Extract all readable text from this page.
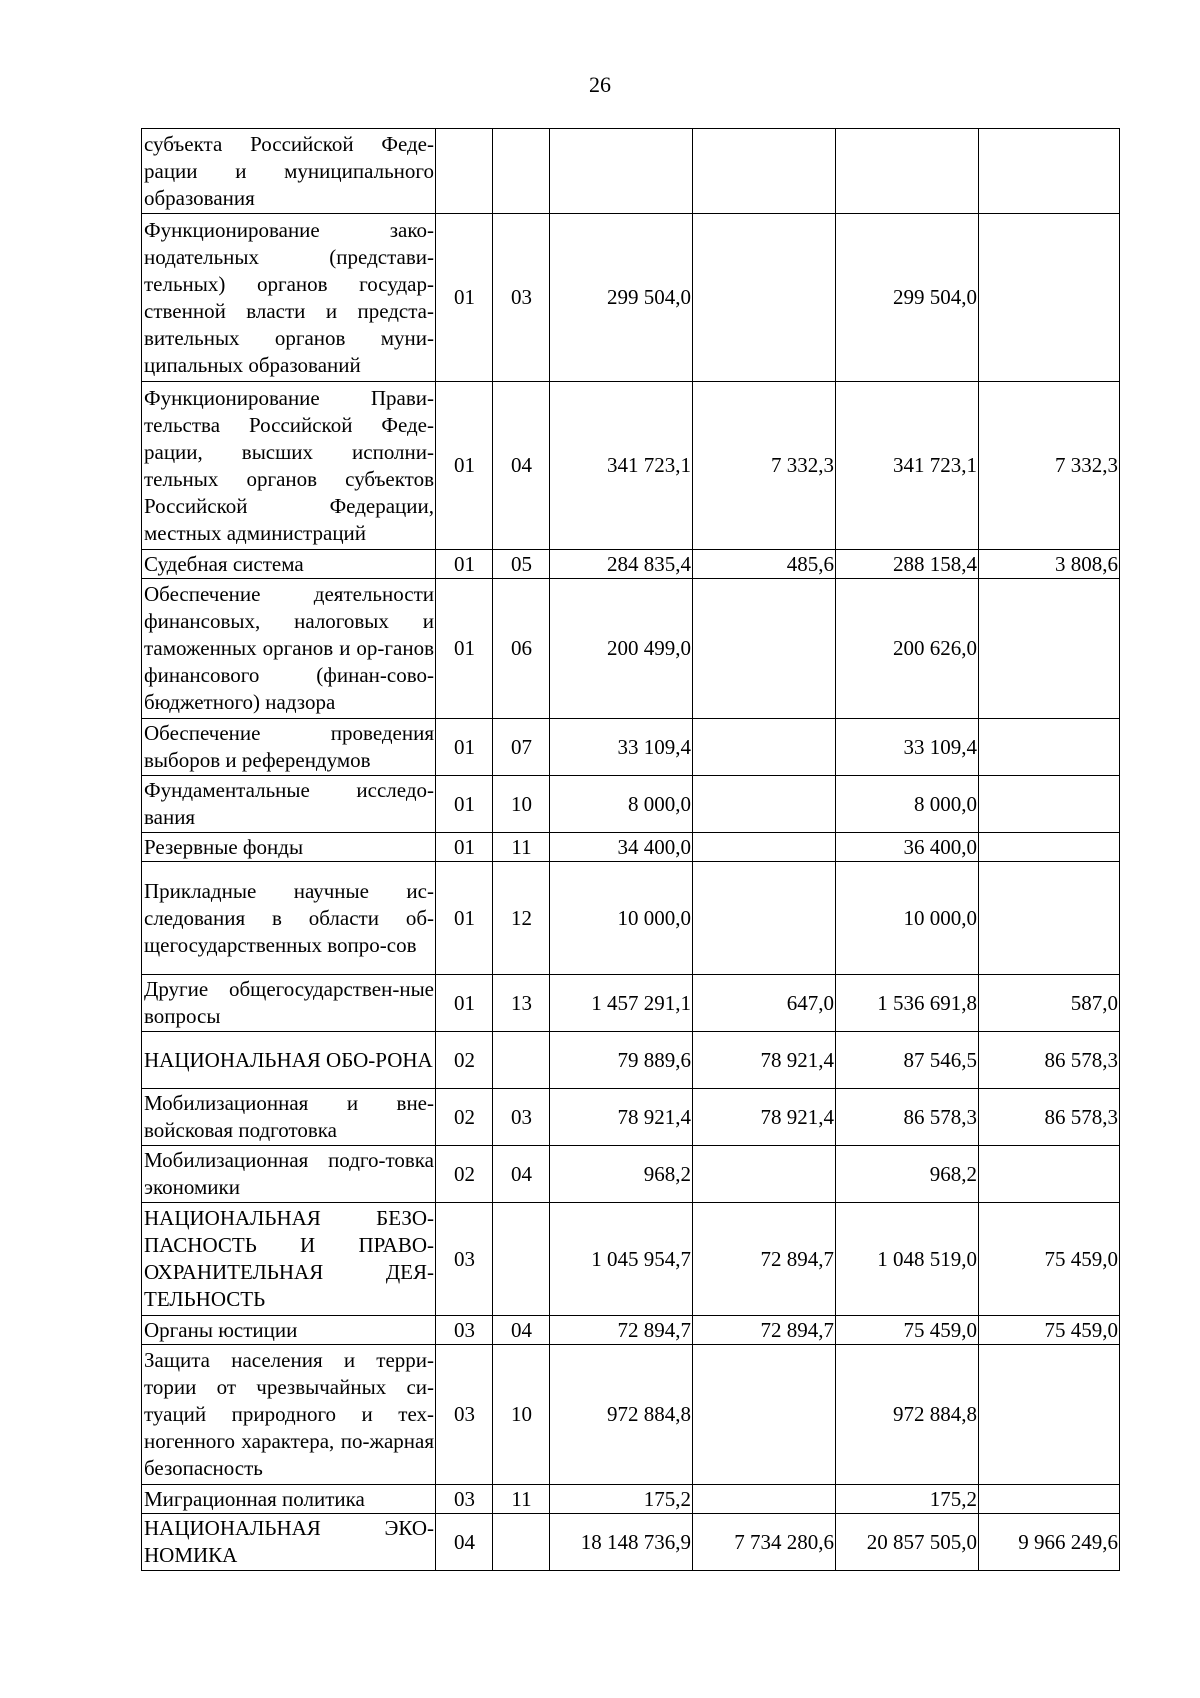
26
субъекта Российской Феде-рации и муниципального образования						
Функционирование зако-нодательных (представи-тельных) органов государ-ственной власти и предста-вительных органов муни-ципальных образований	01	03	299 504,0		299 504,0	
Функционирование Прави-тельства Российской Феде-рации, высших исполни-тельных органов субъектов Российской Федерации, местных администраций	01	04	341 723,1	7 332,3	341 723,1	7 332,3
Судебная система	01	05	284 835,4	485,6	288 158,4	3 808,6
Обеспечение деятельности финансовых, налоговых и таможенных органов и ор-ганов финансового (финан-сово-бюджетного) надзора	01	06	200 499,0		200 626,0	
Обеспечение проведения выборов и референдумов	01	07	33 109,4		33 109,4	
Фундаментальные исследо-вания	01	10	8 000,0		8 000,0	
Резервные фонды	01	11	34 400,0		36 400,0	
Прикладные научные ис-следования в области об-щегосударственных вопро-сов	01	12	10 000,0		10 000,0	
Другие общегосударствен-ные вопросы	01	13	1 457 291,1	647,0	1 536 691,8	587,0
НАЦИОНАЛЬНАЯ ОБО-РОНА	02		79 889,6	78 921,4	87 546,5	86 578,3
Мобилизационная и вне-войсковая подготовка	02	03	78 921,4	78 921,4	86 578,3	86 578,3
Мобилизационная подго-товка экономики	02	04	968,2		968,2	
НАЦИОНАЛЬНАЯ БЕЗО-ПАСНОСТЬ И ПРАВО-ОХРАНИТЕЛЬНАЯ ДЕЯ-ТЕЛЬНОСТЬ	03		1 045 954,7	72 894,7	1 048 519,0	75 459,0
Органы юстиции	03	04	72 894,7	72 894,7	75 459,0	75 459,0
Защита населения и терри-тории от чрезвычайных си-туаций природного и тех-ногенного характера, по-жарная безопасность	03	10	972 884,8		972 884,8	
Миграционная политика	03	11	175,2		175,2	
НАЦИОНАЛЬНАЯ ЭКО-НОМИКА	04		18 148 736,9	7 734 280,6	20 857 505,0	9 966 249,6
